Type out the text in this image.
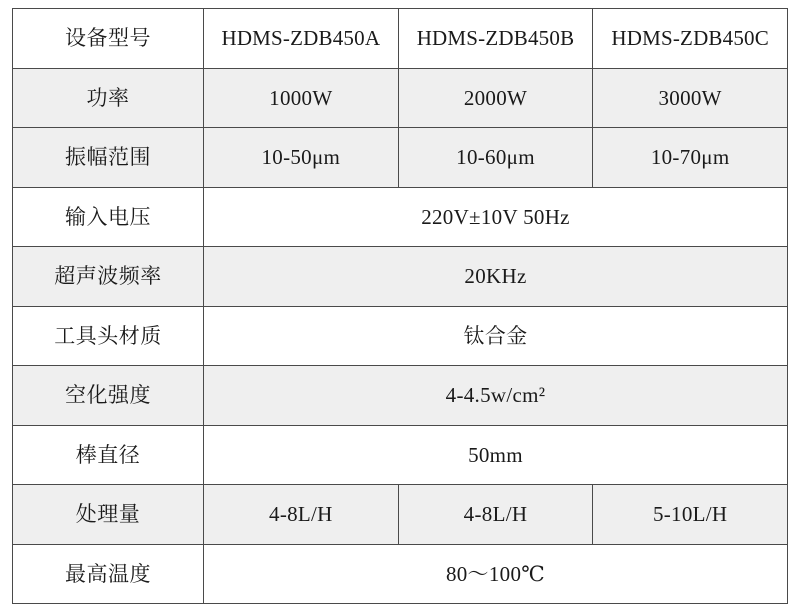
设备型号	HDMS-ZDB450A	HDMS-ZDB450B	HDMS-ZDB450C
功率	1000W	2000W	3000W
振幅范围	10-50μm	10-60μm	10-70μm
输入电压	220V±10V 50Hz		
超声波频率	20KHz		
工具头材质	钛合金		
空化强度	4-4.5w/cm²		
棒直径	50mm		
处理量	4-8L/H	4-8L/H	5-10L/H
最高温度	80～100℃		
